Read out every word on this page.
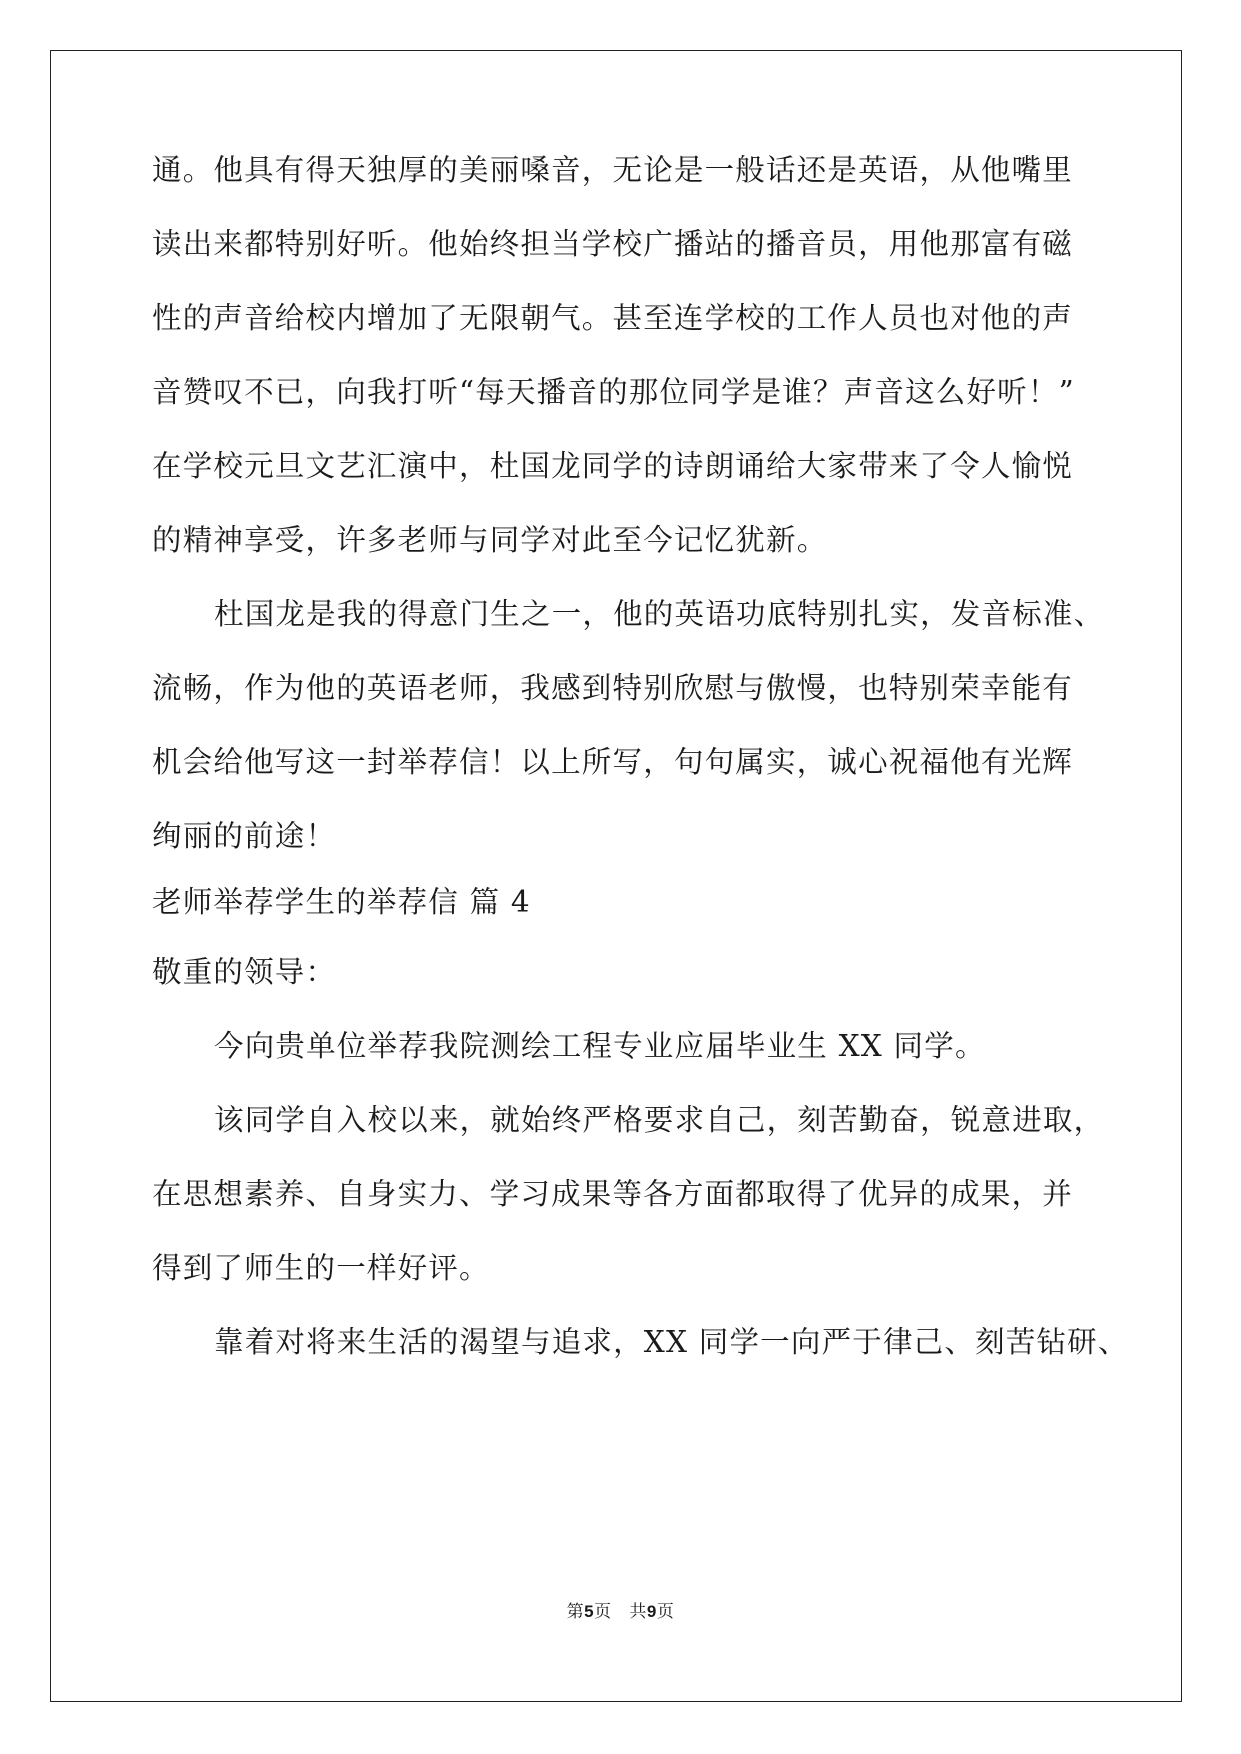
通。他具有得天独厚的美丽嗓音，无论是一般话还是英语，从他嘴里
读出来都特别好听。他始终担当学校广播站的播音员，用他那富有磁
性的声音给校内增加了无限朝气。甚至连学校的工作人员也对他的声
音赞叹不已，向我打听“每天播音的那位同学是谁？声音这么好听！”
在学校元旦文艺汇演中，杜国龙同学的诗朗诵给大家带来了令人愉悦
的精神享受，许多老师与同学对此至今记忆犹新。
杜国龙是我的得意门生之一，他的英语功底特别扎实，发音标准、
流畅，作为他的英语老师，我感到特别欣慰与傲慢，也特别荣幸能有
机会给他写这一封举荐信！以上所写，句句属实，诚心祝福他有光辉
绚丽的前途！
老师举荐学生的举荐信 篇 4
敬重的领导：
今向贵单位举荐我院测绘工程专业应届毕业生 XX 同学。
该同学自入校以来，就始终严格要求自己，刻苦勤奋，锐意进取，
在思想素养、自身实力、学习成果等各方面都取得了优异的成果，并
得到了师生的一样好评。
靠着对将来生活的渴望与追求，XX 同学一向严于律己、刻苦钻研、
第5页   共9页
